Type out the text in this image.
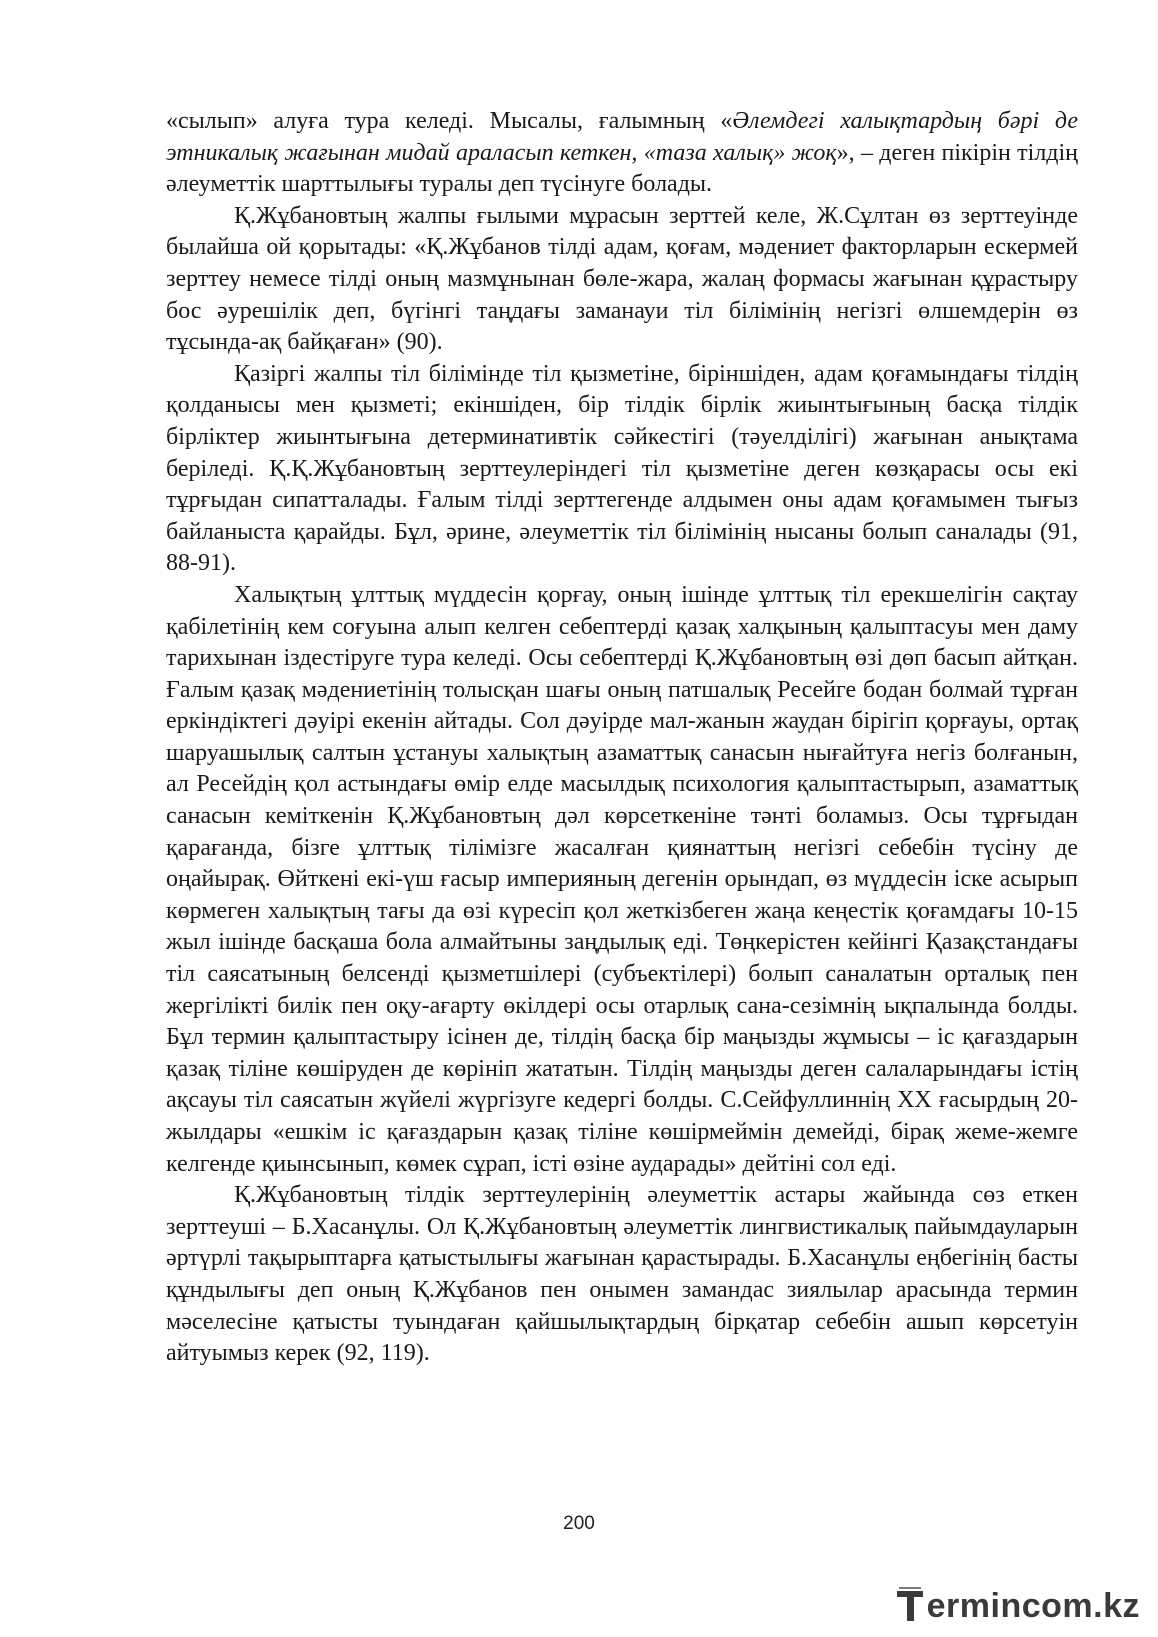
«сылып» алуға тура келеді. Мысалы, ғалымның «Әлемдегі халықтардың бәрі де этникалық жағынан мидай араласып кеткен, «таза халық» жоқ», – деген пікірін тілдің әлеуметтік шарттылығы туралы деп түсінуге болады.

Қ.Жұбановтың жалпы ғылыми мұрасын зерттей келе, Ж.Сұлтан өз зерттеуінде былайша ой қорытады: «Қ.Жұбанов тілді адам, қоғам, мәдениет факторларын ескермей зерттеу немесе тілді оның мазмұнынан бөле-жара, жалаң формасы жағынан құрастыру бос әурешілік деп, бүгінгі таңдағы заманауи тіл білімінің негізгі өлшемдерін өз тұсында-ақ байқаған» (90).

Қазіргі жалпы тіл білімінде тіл қызметіне, біріншіден, адам қоғамындағы тілдің қолданысы мен қызметі; екіншіден, бір тілдік бірлік жиынтығының басқа тілдік бірліктер жиынтығына детерминативтік сәйкестігі (тәуелділігі) жағынан анықтама беріледі. Қ.Қ.Жұбановтың зерттеулеріндегі тіл қызметіне деген көзқарасы осы екі тұрғыдан сипатталады. Ғалым тілді зерттегенде алдымен оны адам қоғамымен тығыз байланыста қарайды. Бұл, әрине, әлеуметтік тіл білімінің нысаны болып саналады (91, 88-91).

Халықтың ұлттық мүддесін қорғау, оның ішінде ұлттық тіл ерекшелігін сақтау қабілетінің кем соғуына алып келген себептерді қазақ халқының қалыптасуы мен даму тарихынан іздестіруге тура келеді. Осы себептерді Қ.Жұбановтың өзі дөп басып айтқан. Ғалым қазақ мәдениетінің толысқан шағы оның патшалық Ресейге бодан болмай тұрған еркіндіктегі дәуірі екенін айтады. Сол дәуірде мал-жанын жаудан бірігіп қорғауы, ортақ шаруашылық салтын ұстануы халықтың азаматтық санасын нығайтуға негіз болғанын, ал Ресейдің қол астындағы өмір елде масылдық психология қалыптастырып, азаматтық санасын кеміткенін Қ.Жұбановтың дәл көрсеткеніне тәнті боламыз. Осы тұрғыдан қарағанда, бізге ұлттық тілімізге жасалған қиянаттың негізгі себебін түсіну де оңайырақ. Өйткені екі-үш ғасыр империяның дегенін орындап, өз мүддесін іске асырып көрмеген халықтың тағы да өзі күресіп қол жеткізбеген жаңа кеңестік қоғамдағы 10-15 жыл ішінде басқаша бола алмайтыны заңдылық еді. Төңкерістен кейінгі Қазақстандағы тіл саясатының белсенді қызметшілері (субъектілері) болып саналатын орталық пен жергілікті билік пен оқу-ағарту өкілдері осы отарлық сана-сезімнің ықпалында болды. Бұл термин қалыптастыру ісінен де, тілдің басқа бір маңызды жұмысы – іс қағаздарын қазақ тіліне көшіруден де көрініп жататын. Тілдің маңызды деген салаларындағы істің ақсауы тіл саясатын жүйелі жүргізуге кедергі болды. С.Сейфуллиннің ХХ ғасырдың 20-жылдары «ешкім іс қағаздарын қазақ тіліне көшірмеймін демейді, бірақ жеме-жемге келгенде қиынсынып, көмек сұрап, істі өзіне аударады» дейтіні сол еді.

Қ.Жұбановтың тілдік зерттеулерінің әлеуметтік астары жайында сөз еткен зерттеуші – Б.Хасанұлы. Ол Қ.Жұбановтың әлеуметтік лингвистикалық пайымдауларын әртүрлі тақырыптарға қатыстылығы жағынан қарастырады. Б.Хасанұлы еңбегінің басты құндылығы деп оның Қ.Жұбанов пен онымен замандас зиялылар арасында термин мәселесіне қатысты туындаған қайшылықтардың бірқатар себебін ашып көрсетуін айтуымыз керек (92, 119).

200
ermincom.kz
